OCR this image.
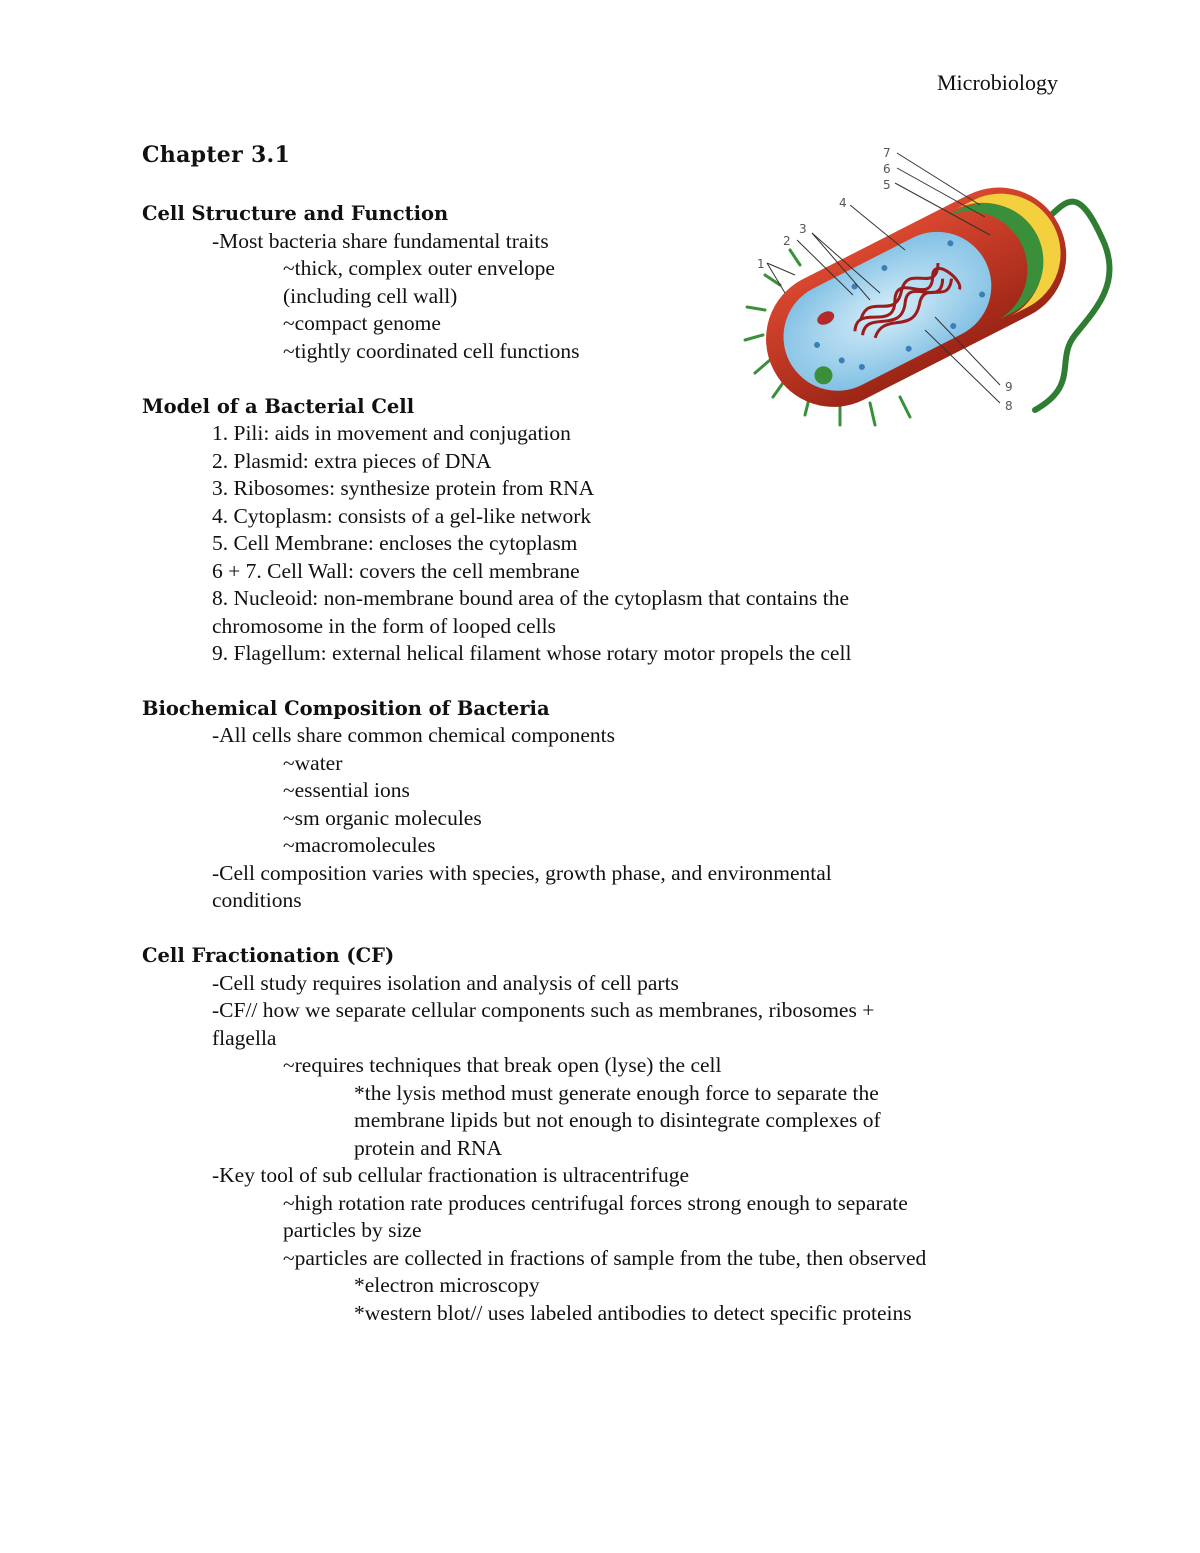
Microbiology
Chapter 3.1
1
2
3
4
5
6
7
8
9
Cell Structure and Function
-Most bacteria share fundamental traits
~thick, complex outer envelope
(including cell wall)
~compact genome
~tightly coordinated cell functions
Model of a Bacterial Cell
1. Pili: aids in movement and conjugation
2. Plasmid: extra pieces of DNA
3. Ribosomes: synthesize protein from RNA
4. Cytoplasm: consists of a gel-like network
5. Cell Membrane: encloses the cytoplasm
6 + 7. Cell Wall: covers the cell membrane
8. Nucleoid: non-membrane bound area of the cytoplasm that contains the
chromosome in the form of looped cells
9. Flagellum: external helical filament whose rotary motor propels the cell
Biochemical Composition of Bacteria
-All cells share common chemical components
~water
~essential ions
~sm organic molecules
~macromolecules
-Cell composition varies with species, growth phase, and environmental
conditions
Cell Fractionation (CF)
-Cell study requires isolation and analysis of cell parts
-CF// how we separate cellular components such as membranes, ribosomes +
flagella
~requires techniques that break open (lyse) the cell
*the lysis method must generate enough force to separate the
membrane lipids but not enough to disintegrate complexes of
protein and RNA
-Key tool of sub cellular fractionation is ultracentrifuge
~high rotation rate produces centrifugal forces strong enough to separate
particles by size
~particles are collected in fractions of sample from the tube, then observed
*electron microscopy
*western blot// uses labeled antibodies to detect specific proteins
